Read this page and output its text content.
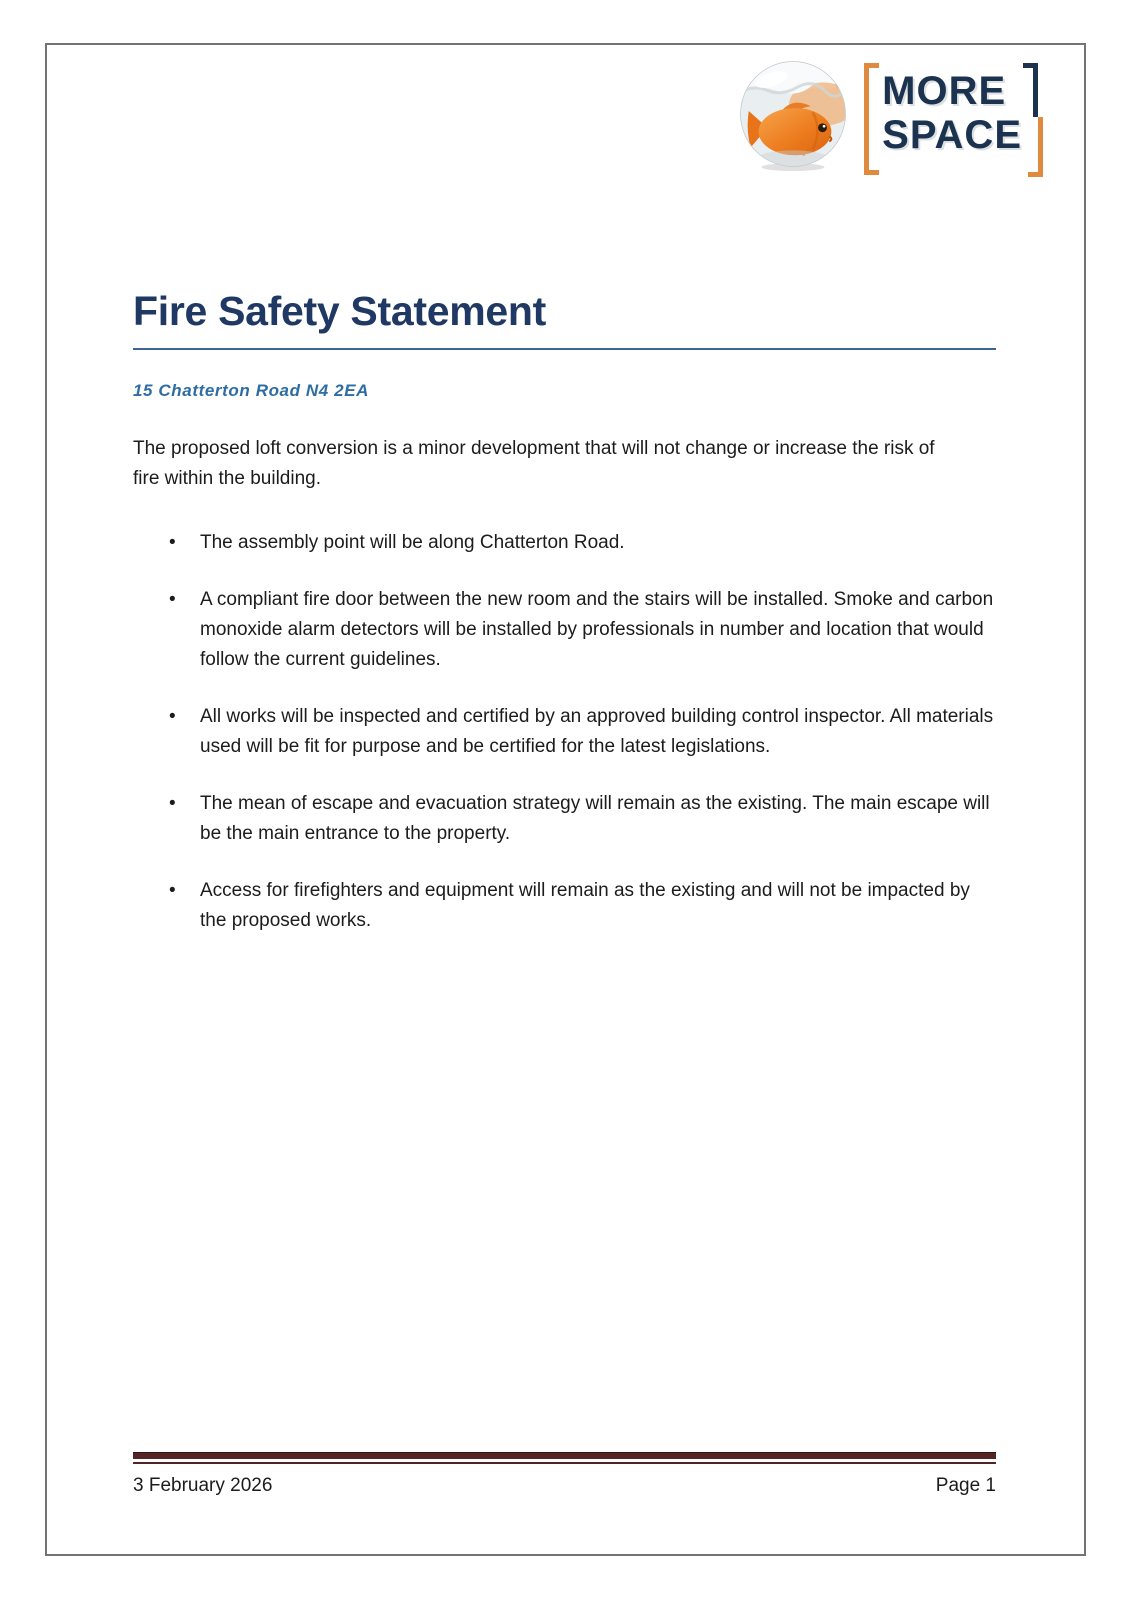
MORE
SPACE
Fire Safety Statement
15 Chatterton Road N4 2EA

The proposed loft conversion is a minor development that will not change or increase the risk of fire within the building.

• The assembly point will be along Chatterton Road.
• A compliant fire door between the new room and the stairs will be installed. Smoke and carbon monoxide alarm detectors will be installed by professionals in number and location that would follow the current guidelines.
• All works will be inspected and certified by an approved building control inspector. All materials used will be fit for purpose and be certified for the latest legislations.
• The mean of escape and evacuation strategy will remain as the existing. The main escape will be the main entrance to the property.
• Access for firefighters and equipment will remain as the existing and will not be impacted by the proposed works.
3 February 2026	Page 1
